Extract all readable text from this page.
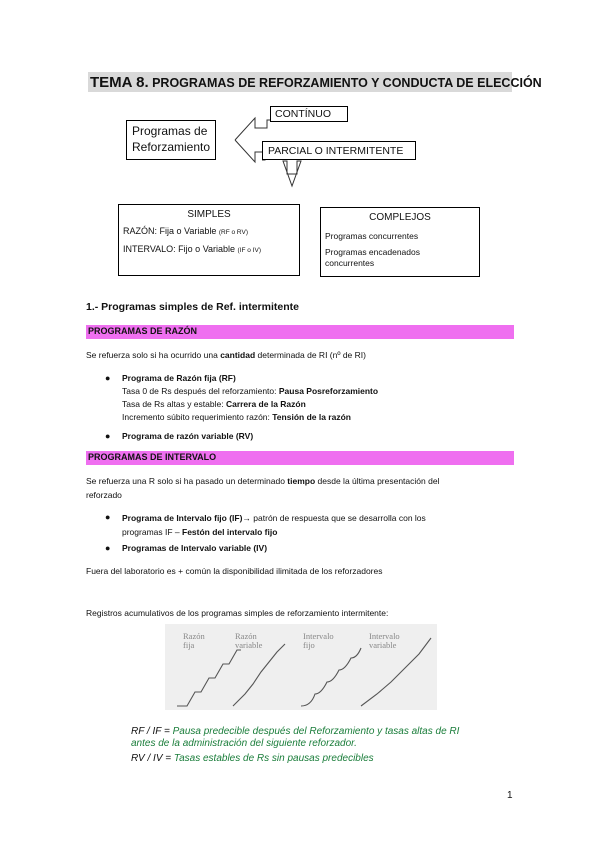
TEMA 8. PROGRAMAS DE REFORZAMIENTO Y CONDUCTA DE ELECCIÓN
Programas de
Reforzamiento
CONTÍNUO
PARCIAL O INTERMITENTE
SIMPLES
RAZÓN: Fija o Variable (RF o RV)
INTERVALO: Fijo o Variable (IF o IV)
COMPLEJOS
Programas concurrentes
Programas encadenados
concurrentes
1.- Programas simples de Ref. intermitente
PROGRAMAS DE RAZÓN
Se refuerza solo si ha ocurrido una cantidad determinada de RI (nº de RI)
● Programa de Razón fija (RF)
Tasa 0 de Rs después del reforzamiento: Pausa Posreforzamiento
Tasa de Rs altas y estable: Carrera de la Razón
Incremento súbito requerimiento razón: Tensión de la razón
● Programa de razón variable (RV)
PROGRAMAS DE INTERVALO
Se refuerza una R solo si ha pasado un determinado tiempo desde la última presentación del
reforzado
● Programa de Intervalo fijo (IF)→ patrón de respuesta que se desarrolla con los
programas IF – Festón del intervalo fijo
● Programas de Intervalo variable (IV)
Fuera del laboratorio es + común la disponibilidad ilimitada de los reforzadores
Registros acumulativos de los programas simples de reforzamiento intermitente:
Razón
fija
Razón
variable
Intervalo
fijo
Intervalo
variable
RF / IF = Pausa predecible después del Reforzamiento y tasas altas de RI
antes de la administración del siguiente reforzador.
RV / IV = Tasas estables de Rs sin pausas predecibles
1
